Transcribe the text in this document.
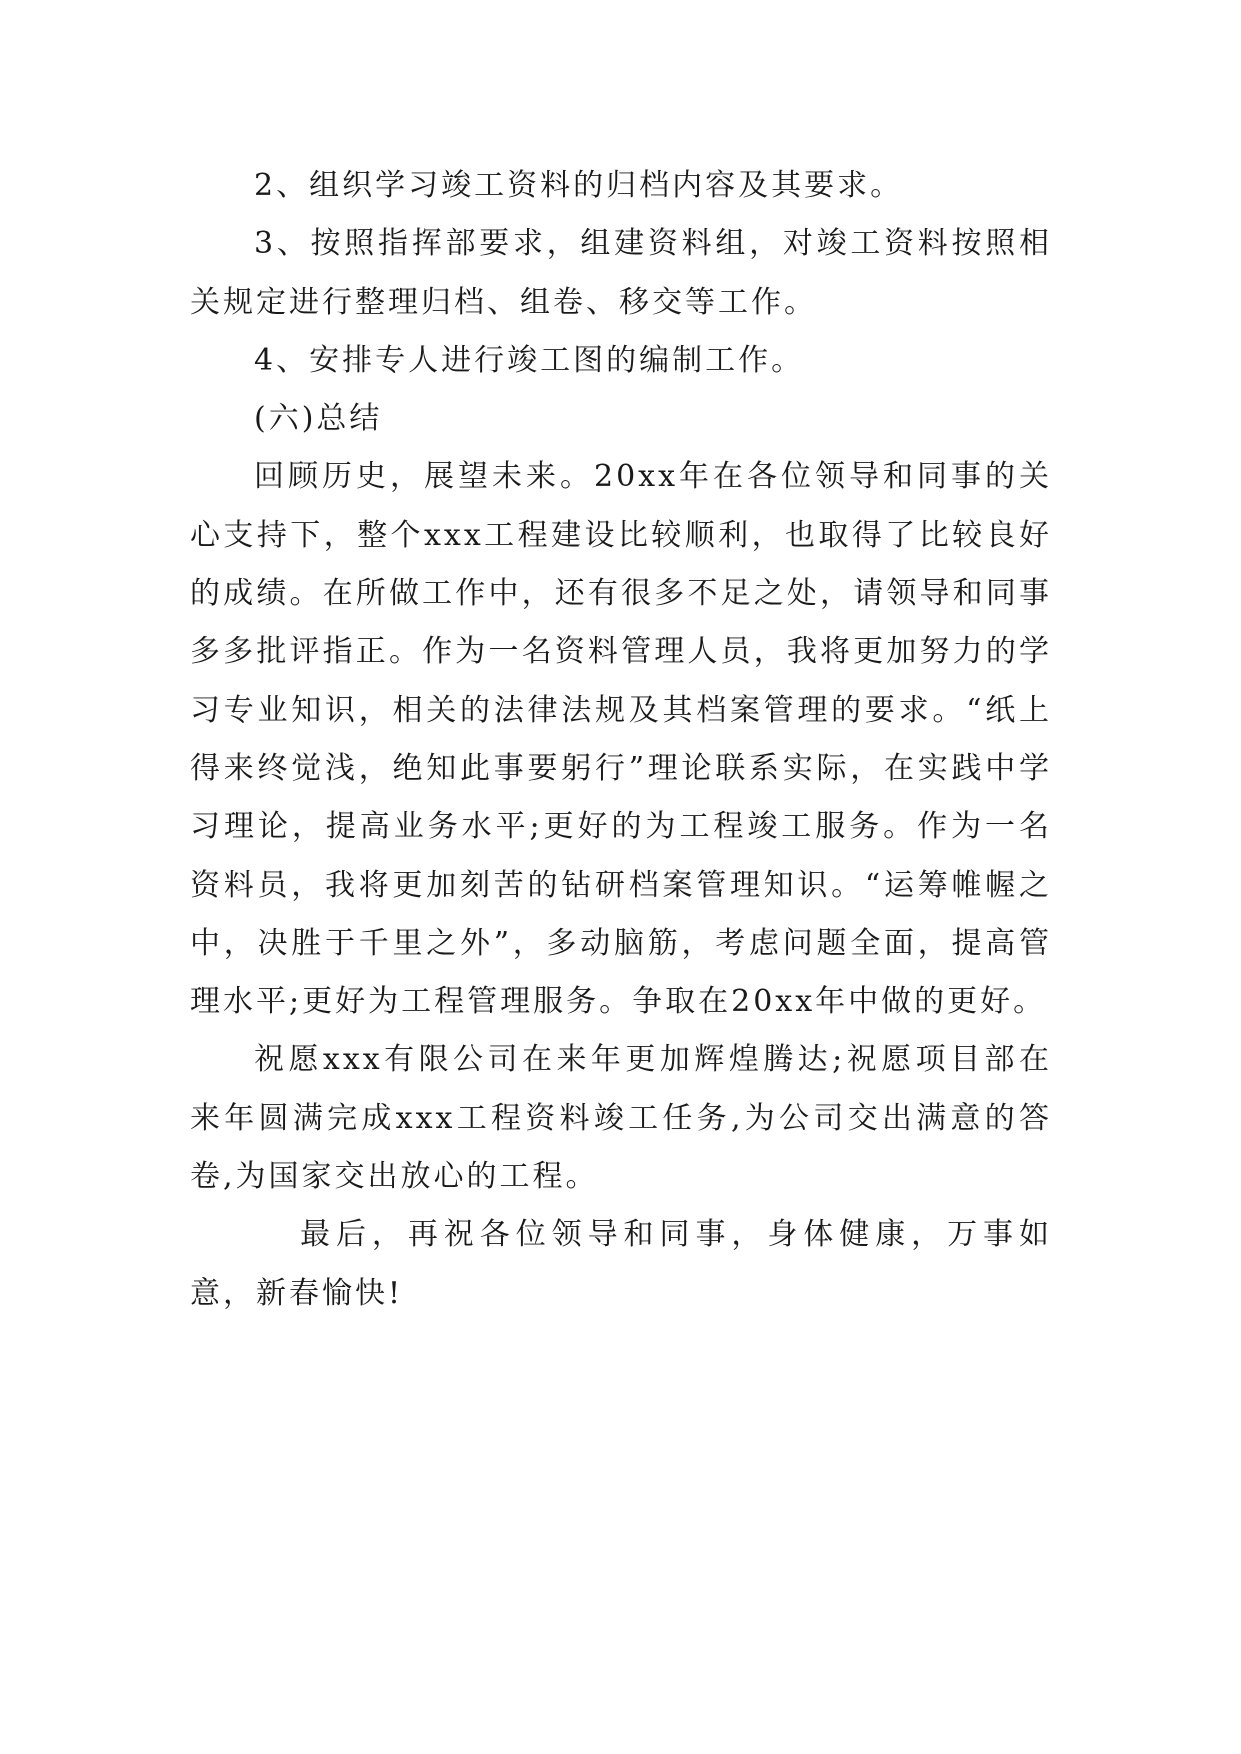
2、组织学习竣工资料的归档内容及其要求。

3、按照指挥部要求，组建资料组，对竣工资料按照相关规定进行整理归档、组卷、移交等工作。

4、安排专人进行竣工图的编制工作。

(六)总结

回顾历史，展望未来。20xx年在各位领导和同事的关心支持下，整个xxx工程建设比较顺利，也取得了比较良好的成绩。在所做工作中，还有很多不足之处，请领导和同事多多批评指正。作为一名资料管理人员，我将更加努力的学习专业知识，相关的法律法规及其档案管理的要求。“纸上得来终觉浅，绝知此事要躬行”理论联系实际，在实践中学习理论，提高业务水平;更好的为工程竣工服务。作为一名资料员，我将更加刻苦的钻研档案管理知识。“运筹帷幄之中，决胜于千里之外”，多动脑筋，考虑问题全面，提高管理水平;更好为工程管理服务。争取在20xx年中做的更好。

祝愿xxx有限公司在来年更加辉煌腾达;祝愿项目部在来年圆满完成xxx工程资料竣工任务,为公司交出满意的答卷,为国家交出放心的工程。

最后，再祝各位领导和同事，身体健康，万事如意，新春愉快!
